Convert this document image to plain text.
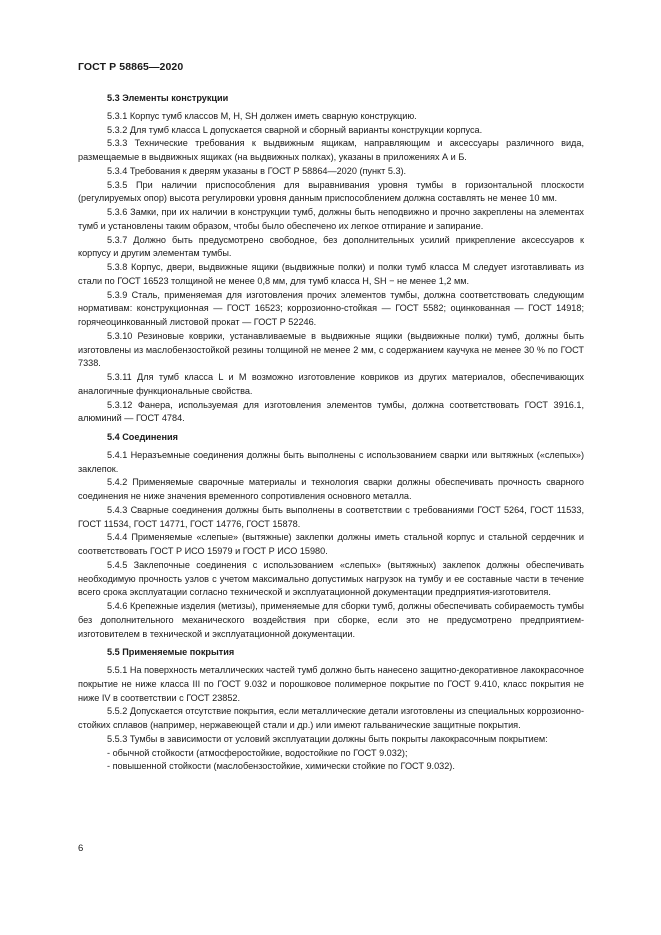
ГОСТ Р 58865—2020
5.3 Элементы конструкции

5.3.1 Корпус тумб классов М, Н, SH должен иметь сварную конструкцию.

5.3.2 Для тумб класса L допускается сварной и сборный варианты конструкции корпуса.

5.3.3 Технические требования к выдвижным ящикам, направляющим и аксессуары различного вида, размещаемые в выдвижных ящиках (на выдвижных полках), указаны в приложениях А и Б.

5.3.4 Требования к дверям указаны в ГОСТ Р 58864—2020 (пункт 5.3).

5.3.5 При наличии приспособления для выравнивания уровня тумбы в горизонтальной плоскости (регулируемых опор) высота регулировки уровня данным приспособлением должна составлять не менее 10 мм.

5.3.6 Замки, при их наличии в конструкции тумб, должны быть неподвижно и прочно закреплены на элементах тумб и установлены таким образом, чтобы было обеспечено их легкое отпирание и запирание.

5.3.7 Должно быть предусмотрено свободное, без дополнительных усилий прикрепление аксессуаров к корпусу и другим элементам тумбы.

5.3.8 Корпус, двери, выдвижные ящики (выдвижные полки) и полки тумб класса М следует изготавливать из стали по ГОСТ 16523 толщиной не менее 0,8 мм, для тумб класса Н, SH − не менее 1,2 мм.

5.3.9 Сталь, применяемая для изготовления прочих элементов тумбы, должна соответствовать следующим нормативам: конструкционная — ГОСТ 16523; коррозионно-стойкая — ГОСТ 5582; оцинкованная — ГОСТ 14918; горячеоцинкованный листовой прокат — ГОСТ Р 52246.

5.3.10 Резиновые коврики, устанавливаемые в выдвижные ящики (выдвижные полки) тумб, должны быть изготовлены из маслобензостойкой резины толщиной не менее 2 мм, с содержанием каучука не менее 30 % по ГОСТ 7338.

5.3.11 Для тумб класса L и М возможно изготовление ковриков из других материалов, обеспечивающих аналогичные функциональные свойства.

5.3.12 Фанера, используемая для изготовления элементов тумбы, должна соответствовать ГОСТ 3916.1, алюминий — ГОСТ 4784.

5.4 Соединения

5.4.1 Неразъемные соединения должны быть выполнены с использованием сварки или вытяжных («слепых») заклепок.

5.4.2 Применяемые сварочные материалы и технология сварки должны обеспечивать прочность сварного соединения не ниже значения временного сопротивления основного металла.

5.4.3 Сварные соединения должны быть выполнены в соответствии с требованиями ГОСТ 5264, ГОСТ 11533, ГОСТ 11534, ГОСТ 14771, ГОСТ 14776, ГОСТ 15878.

5.4.4 Применяемые «слепые» (вытяжные) заклепки должны иметь стальной корпус и стальной сердечник и соответствовать ГОСТ Р ИСО 15979 и ГОСТ Р ИСО 15980.

5.4.5 Заклепочные соединения с использованием «слепых» (вытяжных) заклепок должны обеспечивать необходимую прочность узлов с учетом максимально допустимых нагрузок на тумбу и ее составные части в течение всего срока эксплуатации согласно технической и эксплуатационной документации предприятия-изготовителя.

5.4.6 Крепежные изделия (метизы), применяемые для сборки тумб, должны обеспечивать собираемость тумбы без дополнительного механического воздействия при сборке, если это не предусмотрено предприятием-изготовителем в технической и эксплуатационной документации.

5.5 Применяемые покрытия

5.5.1 На поверхность металлических частей тумб должно быть нанесено защитно-декоративное лакокрасочное покрытие не ниже класса III по ГОСТ 9.032 и порошковое полимерное покрытие по ГОСТ 9.410, класс покрытия не ниже IV в соответствии с ГОСТ 23852.

5.5.2 Допускается отсутствие покрытия, если металлические детали изготовлены из специальных коррозионно-стойких сплавов (например, нержавеющей стали и др.) или имеют гальванические защитные покрытия.

5.5.3 Тумбы в зависимости от условий эксплуатации должны быть покрыты лакокрасочным покрытием:

- обычной стойкости (атмосферостойкие, водостойкие по ГОСТ 9.032);

- повышенной стойкости (маслобензостойкие, химически стойкие по ГОСТ 9.032).

6
